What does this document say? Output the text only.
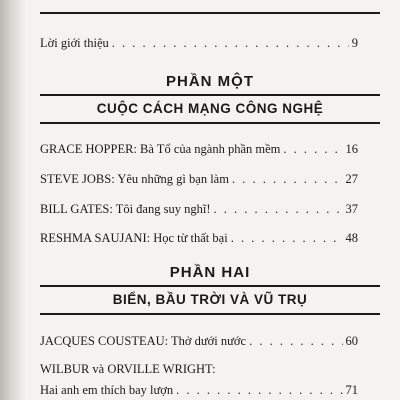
Lời giới thiệu . . .	9
PHẦN MỘT
CUỘC CÁCH MẠNG CÔNG NGHỆ
GRACE HOPPER: Bà Tổ của ngành phần mềm . . .	16
STEVE JOBS: Yêu những gì bạn làm . . .	27
BILL GATES: Tôi đang suy nghĩ! . . .	37
RESHMA SAUJANI: Học từ thất bại . . .	48
PHẦN HAI
BIỂN, BẦU TRỜI VÀ VŨ TRỤ
JACQUES COUSTEAU: Thở dưới nước . . .	60
WILBUR và ORVILLE WRIGHT:
Hai anh em thích bay lượn . . .	71
